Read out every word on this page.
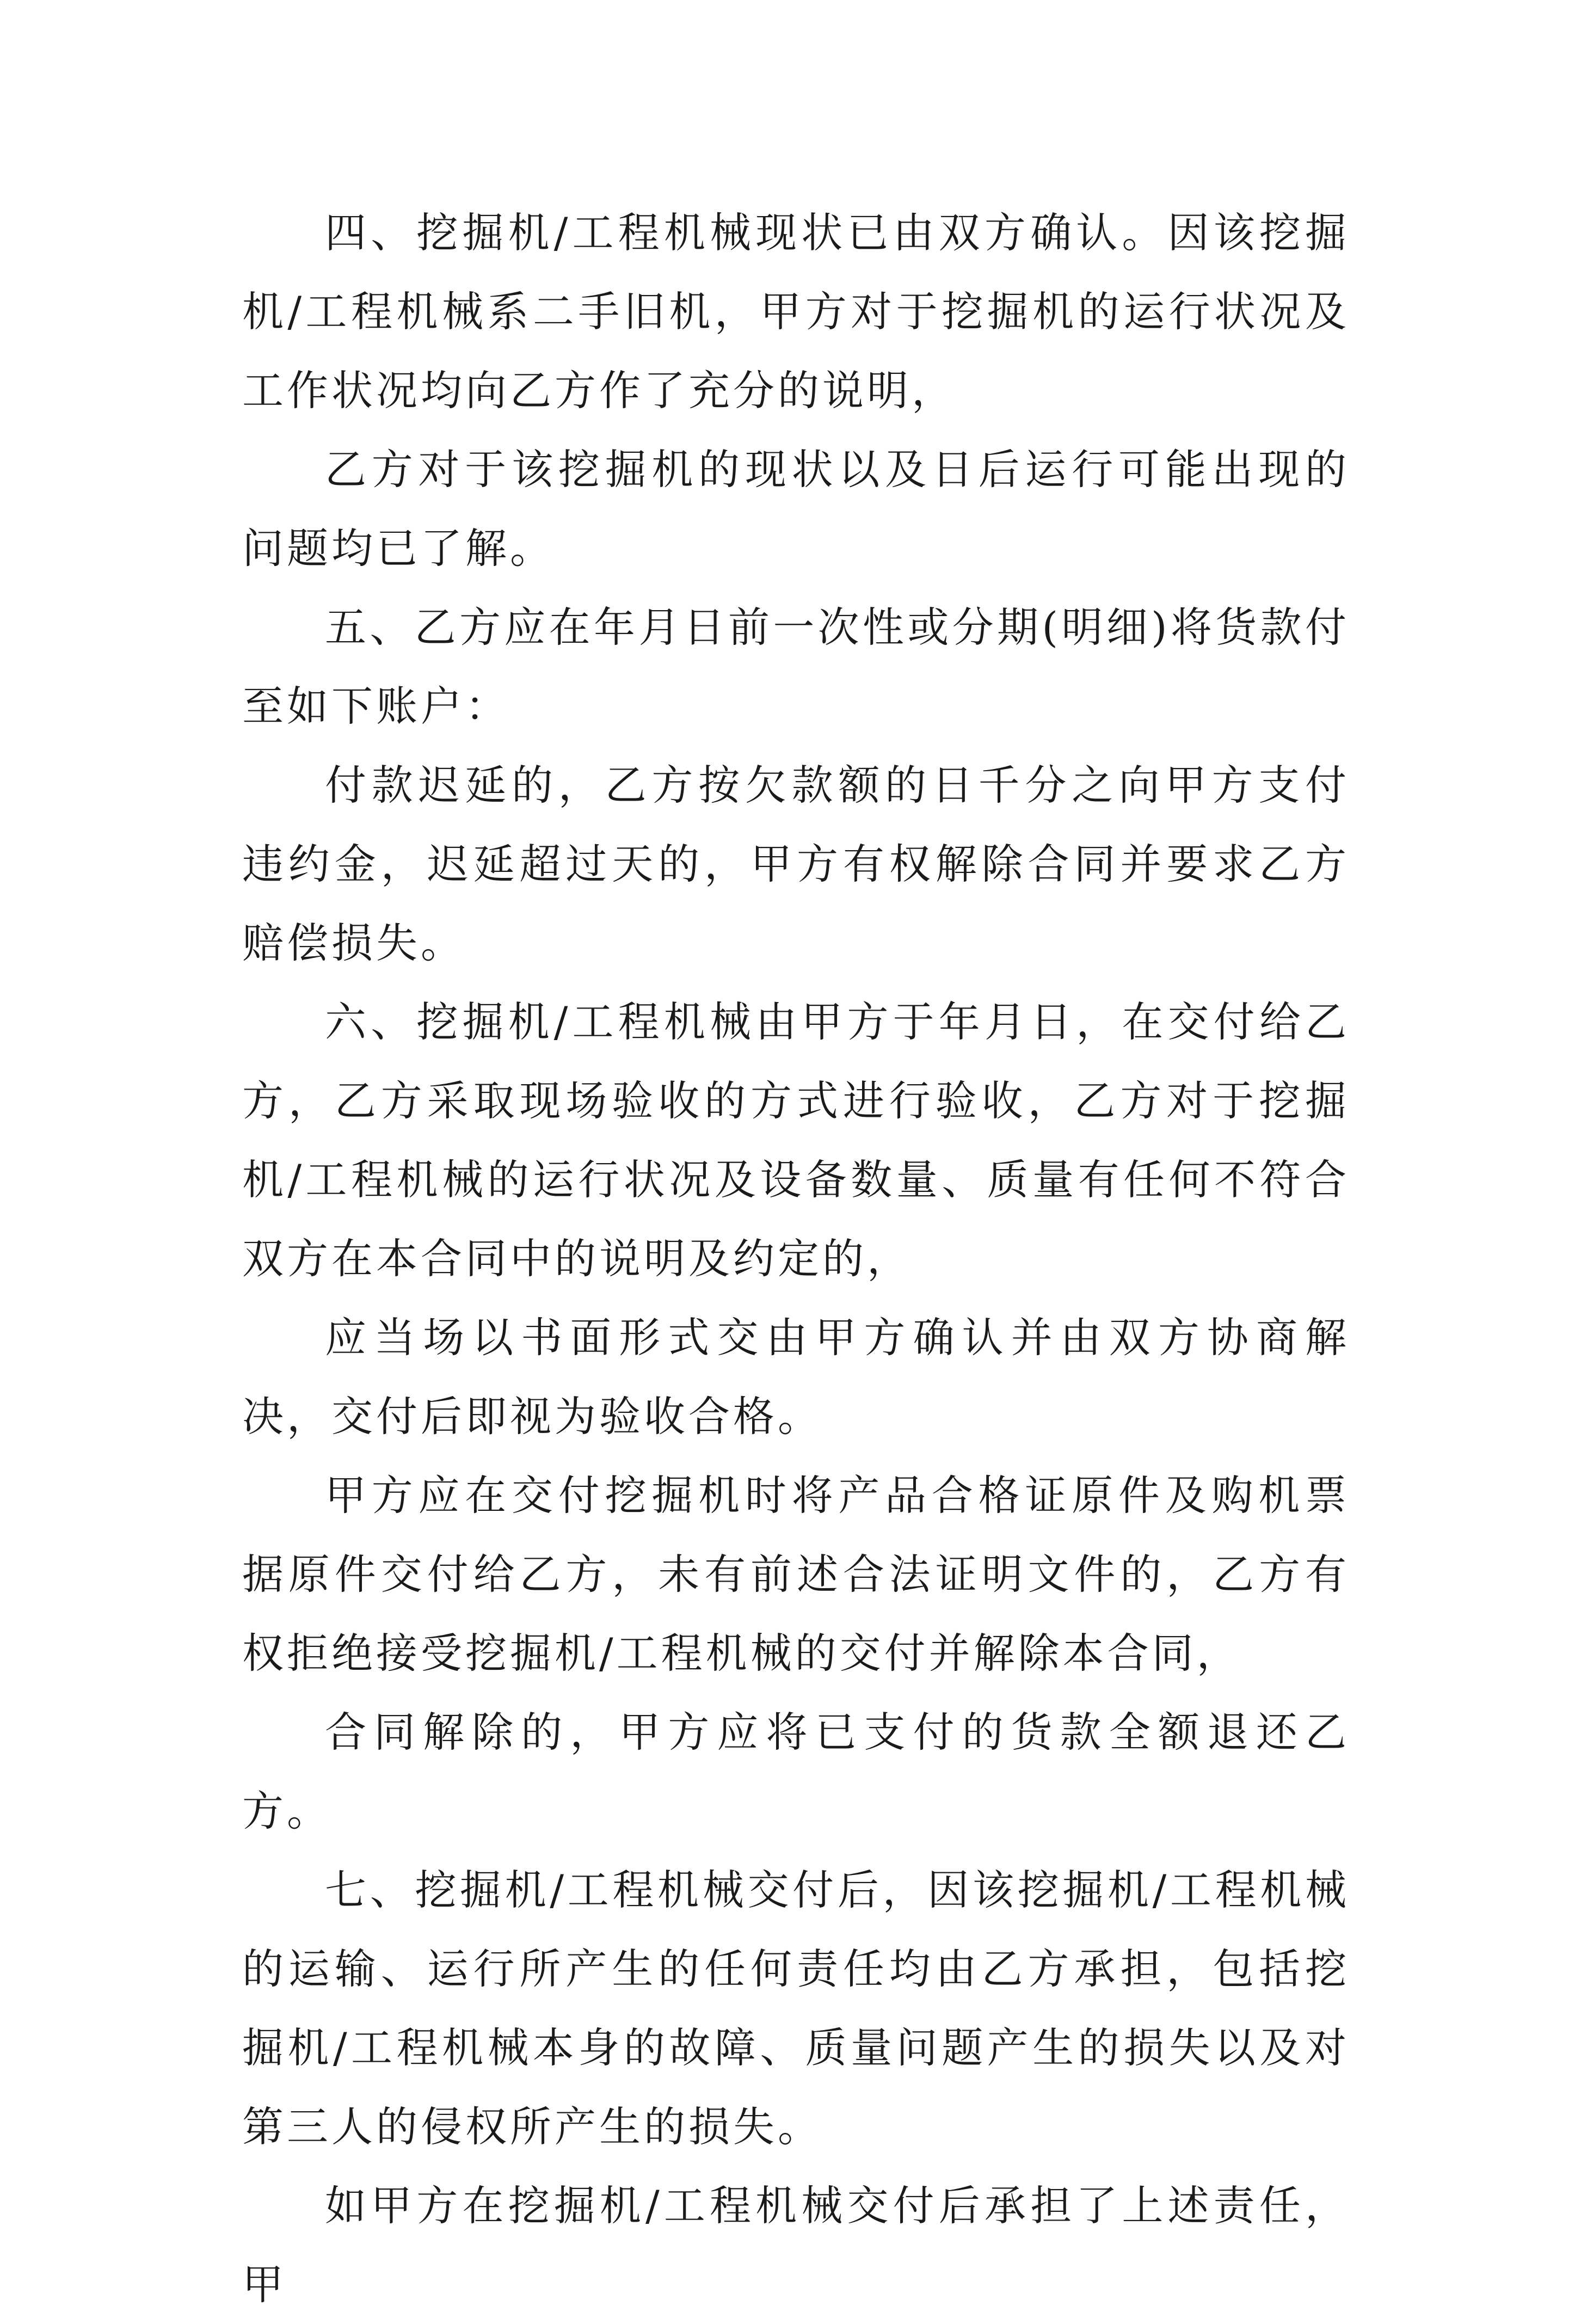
四、挖掘机/工程机械现状已由双方确认。因该挖掘机/工程机械系二手旧机，甲方对于挖掘机的运行状况及工作状况均向乙方作了充分的说明，

乙方对于该挖掘机的现状以及日后运行可能出现的问题均已了解。

五、乙方应在年月日前一次性或分期(明细)将货款付至如下账户：

付款迟延的，乙方按欠款额的日千分之向甲方支付违约金，迟延超过天的，甲方有权解除合同并要求乙方赔偿损失。

六、挖掘机/工程机械由甲方于年月日，在交付给乙方，乙方采取现场验收的方式进行验收，乙方对于挖掘机/工程机械的运行状况及设备数量、质量有任何不符合双方在本合同中的说明及约定的，

应当场以书面形式交由甲方确认并由双方协商解决，交付后即视为验收合格。

甲方应在交付挖掘机时将产品合格证原件及购机票据原件交付给乙方，未有前述合法证明文件的，乙方有权拒绝接受挖掘机/工程机械的交付并解除本合同，

合同解除的，甲方应将已支付的货款全额退还乙方。

七、挖掘机/工程机械交付后，因该挖掘机/工程机械的运输、运行所产生的任何责任均由乙方承担，包括挖掘机/工程机械本身的故障、质量问题产生的损失以及对第三人的侵权所产生的损失。

如甲方在挖掘机/工程机械交付后承担了上述责任，甲
